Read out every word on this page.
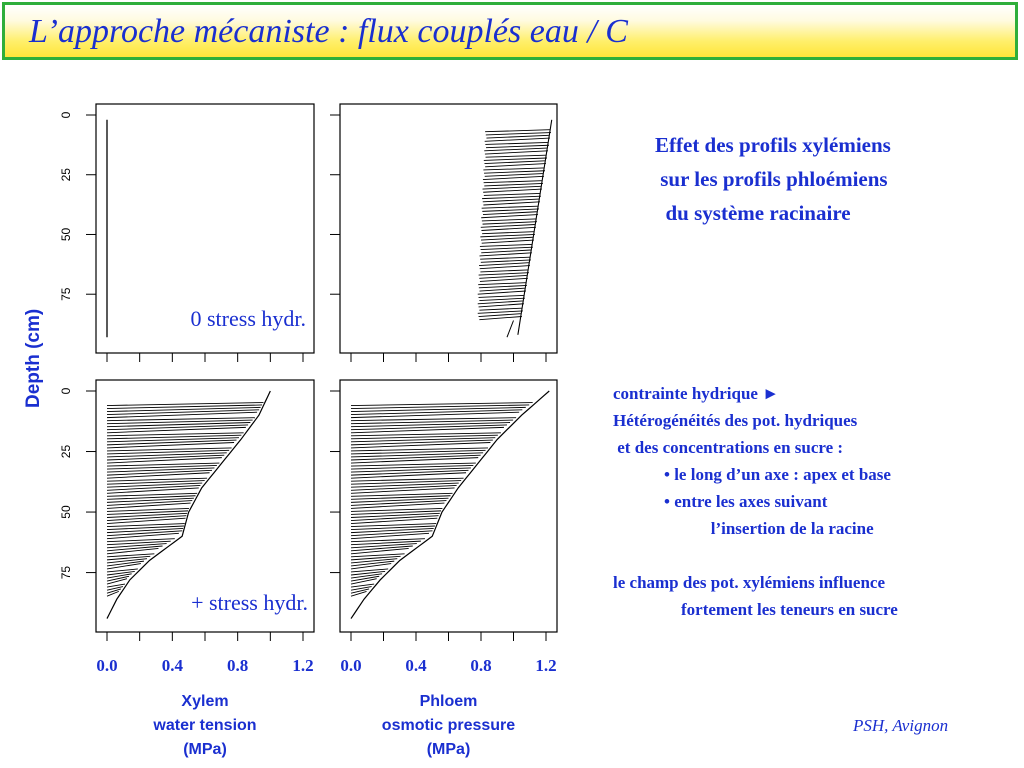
L’approche mécaniste : flux couplés eau / C
Depth (cm)
0
25
50
75
0
25
50
75
0.0	0.4	0.8	1.2
Xylem
water tension
(MPa)
0.0	0.4	0.8	1.2
Phloem
osmotic pressure
(MPa)
0 stress hydr.
+ stress hydr.
Effet des profils xylémiens
sur les profils phloémiens
du système racinaire
contrainte hydrique ►
Hétérogénéités des pot. hydriques
et des concentrations en sucre :
• le long d’un axe : apex et base
• entre les axes suivant
l’insertion de la racine

le champ des pot. xylémiens influence
fortement les teneurs en sucre
PSH, Avignon
